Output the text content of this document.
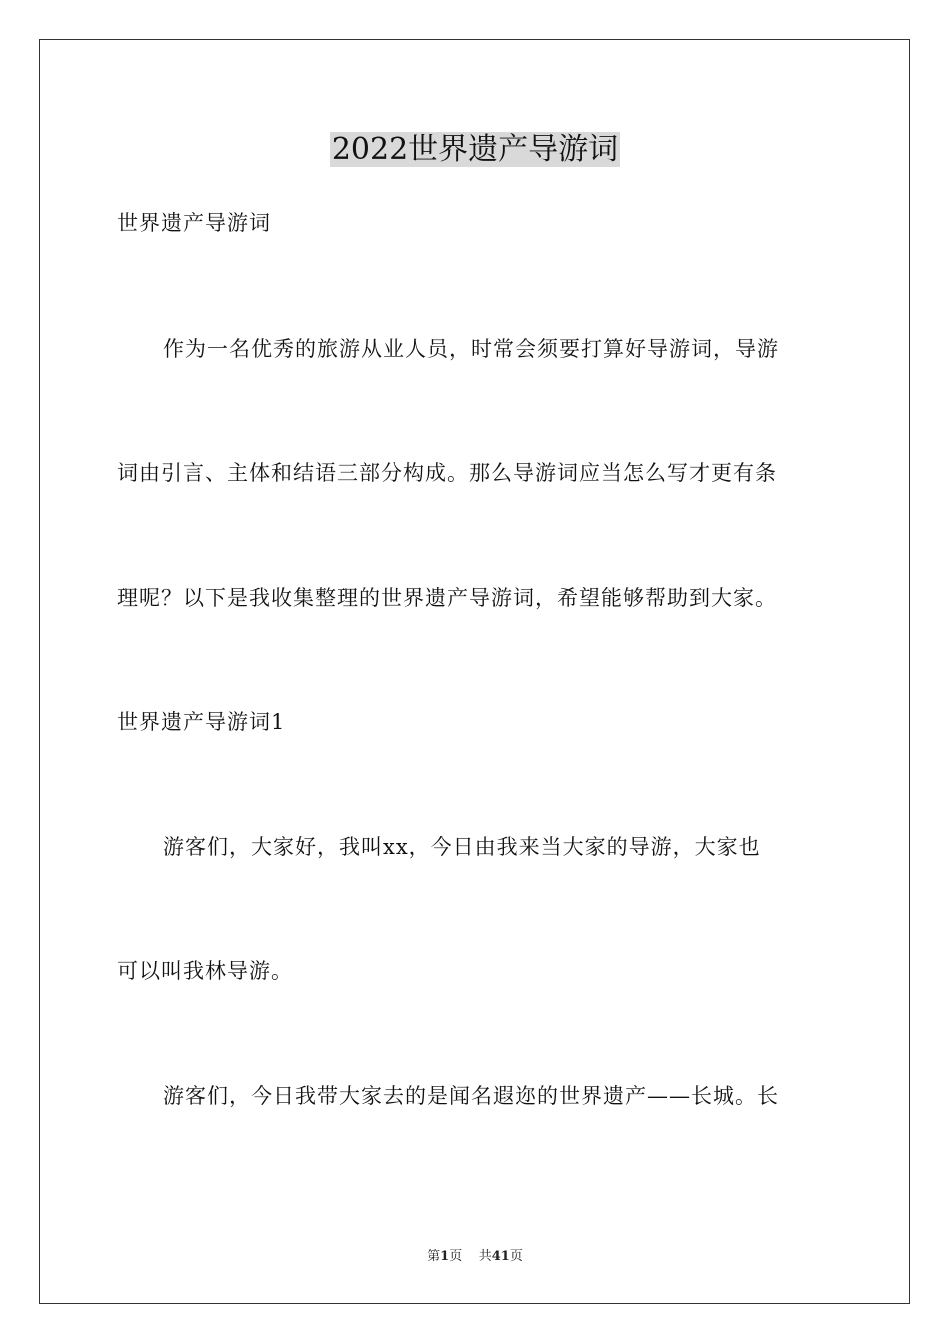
2022世界遗产导游词

世界遗产导游词

作为一名优秀的旅游从业人员，时常会须要打算好导游词，导游

词由引言、主体和结语三部分构成。那么导游词应当怎么写才更有条

理呢？以下是我收集整理的世界遗产导游词，希望能够帮助到大家。

世界遗产导游词1

游客们，大家好，我叫xx，今日由我来当大家的导游，大家也

可以叫我林导游。

游客们，今日我带大家去的是闻名遐迩的世界遗产——长城。长

第1页 共41页
